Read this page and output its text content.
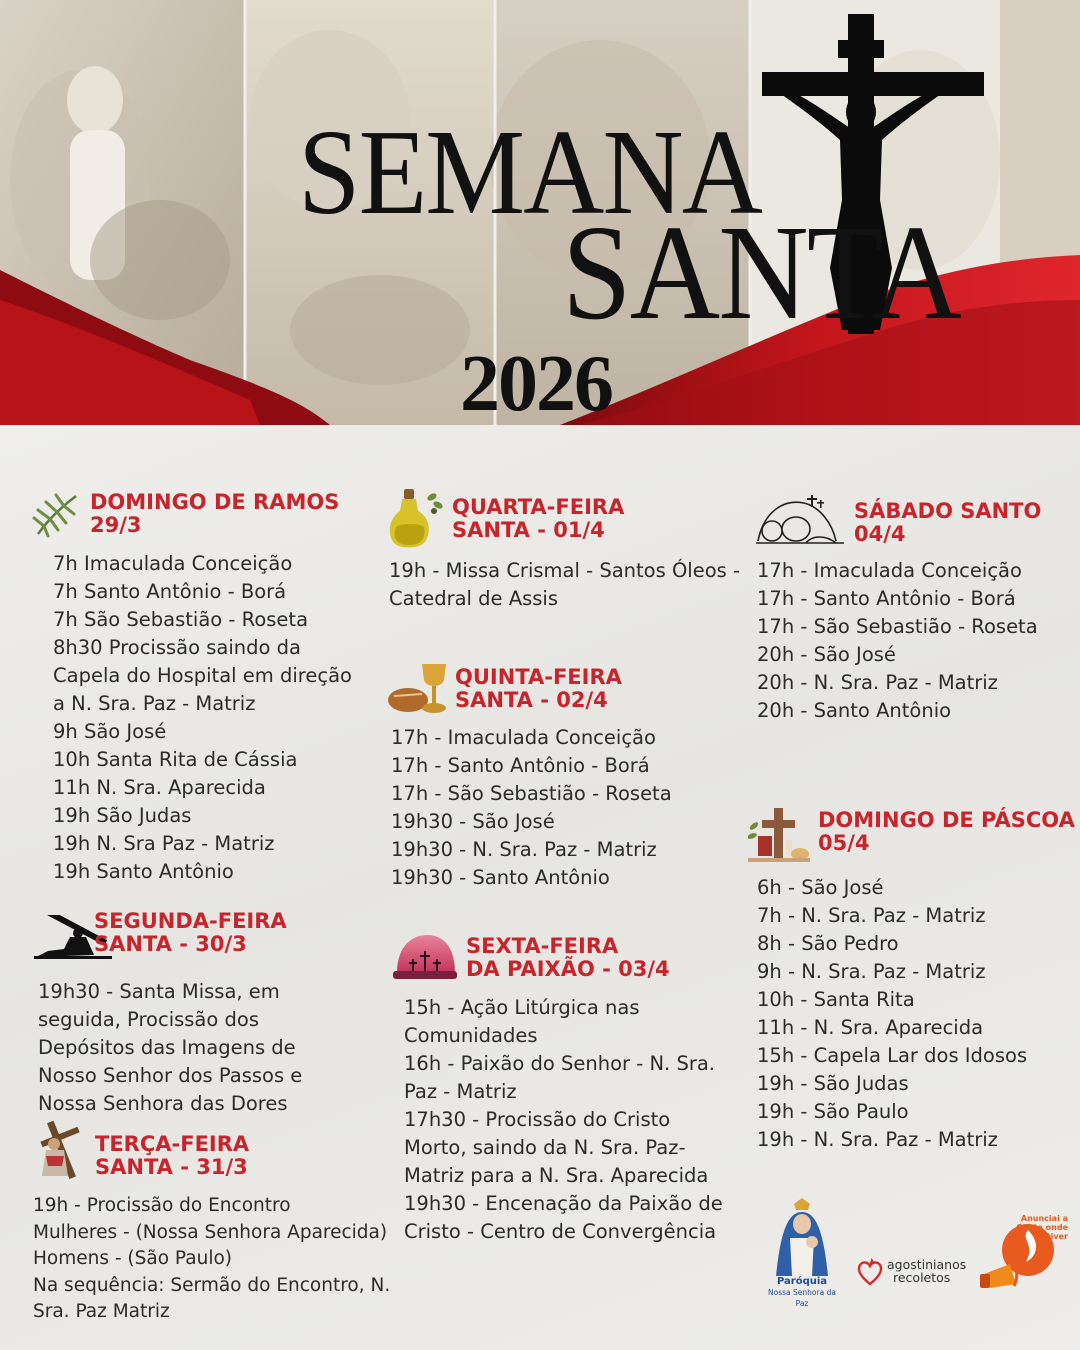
SEMANA
SANTA
2026
DOMINGO DE RAMOS
29/3
7h Imaculada Conceição
7h Santo Antônio - Borá
7h São Sebastião - Roseta
8h30 Procissão saindo da
Capela do Hospital em direção
a N. Sra. Paz - Matriz
9h São José
10h Santa Rita de Cássia
11h N. Sra. Aparecida
19h São Judas
19h N. Sra Paz - Matriz
19h Santo Antônio
SEGUNDA-FEIRA
SANTA - 30/3
19h30 - Santa Missa, em
seguida, Procissão dos
Depósitos das Imagens de
Nosso Senhor dos Passos e
Nossa Senhora das Dores
TERÇA-FEIRA
SANTA - 31/3
19h - Procissão do Encontro
Mulheres - (Nossa Senhora Aparecida)
Homens - (São Paulo)
Na sequência: Sermão do Encontro, N.
Sra. Paz Matriz
QUARTA-FEIRA
SANTA - 01/4
19h - Missa Crismal - Santos Óleos -
Catedral de Assis
QUINTA-FEIRA
SANTA - 02/4
17h - Imaculada Conceição
17h - Santo Antônio - Borá
17h - São Sebastião - Roseta
19h30 - São José
19h30 - N. Sra. Paz - Matriz
19h30 - Santo Antônio
SEXTA-FEIRA
DA PAIXÃO - 03/4
15h - Ação Litúrgica nas
Comunidades
16h - Paixão do Senhor - N. Sra.
Paz - Matriz
17h30 - Procissão do Cristo
Morto, saindo da N. Sra. Paz-
Matriz para a N. Sra. Aparecida
19h30 - Encenação da Paixão de
Cristo - Centro de Convergência
SÁBADO SANTO
04/4
17h - Imaculada Conceição
17h - Santo Antônio - Borá
17h - São Sebastião - Roseta
20h - São José
20h - N. Sra. Paz - Matriz
20h - Santo Antônio
DOMINGO DE PÁSCOA
05/4
6h - São José
7h - N. Sra. Paz - Matriz
8h - São Pedro
9h - N. Sra. Paz - Matriz
10h - Santa Rita
11h - N. Sra. Aparecida
15h - Capela Lar dos Idosos
19h - São Judas
19h - São Paulo
19h - N. Sra. Paz - Matriz
Paróquia
Nossa Senhora da Paz
agostinianos
recoletos
Anunciai a Cristo onde Estiver
